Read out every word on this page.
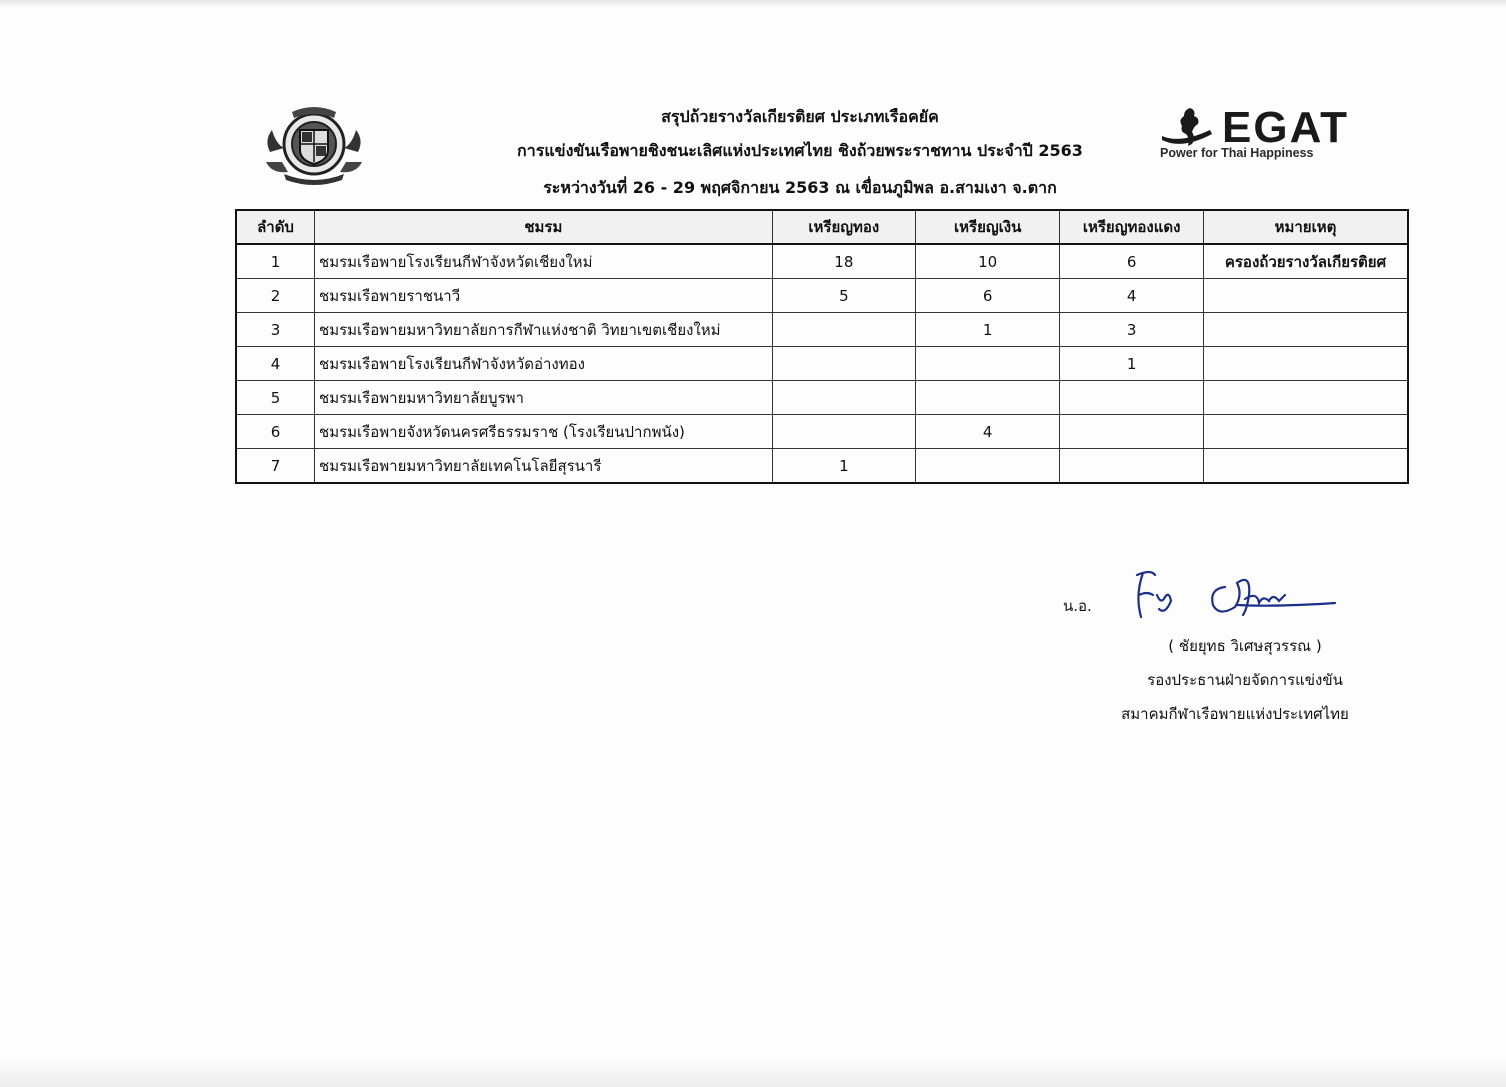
สรุปถ้วยรางวัลเกียรติยศ ประเภทเรือคยัค
การแข่งขันเรือพายชิงชนะเลิศแห่งประเทศไทย ชิงถ้วยพระราชทาน ประจำปี 2563
ระหว่างวันที่ 26 - 29 พฤศจิกายน 2563 ณ เขื่อนภูมิพล อ.สามเงา จ.ตาก
EGAT
Power for Thai Happiness
ลำดับ	ชมรม	เหรียญทอง	เหรียญเงิน	เหรียญทองแดง	หมายเหตุ
1	ชมรมเรือพายโรงเรียนกีฬาจังหวัดเชียงใหม่	18	10	6	ครองถ้วยรางวัลเกียรติยศ
2	ชมรมเรือพายราชนาวี	5	6	4	
3	ชมรมเรือพายมหาวิทยาลัยการกีฬาแห่งชาติ วิทยาเขตเชียงใหม่		1	3	
4	ชมรมเรือพายโรงเรียนกีฬาจังหวัดอ่างทอง			1	
5	ชมรมเรือพายมหาวิทยาลัยบูรพา				
6	ชมรมเรือพายจังหวัดนครศรีธรรมราช (โรงเรียนปากพนัง)		4		
7	ชมรมเรือพายมหาวิทยาลัยเทคโนโลยีสุรนารี	1			
น.อ.
( ชัยยุทธ วิเศษสุวรรณ )
รองประธานฝ่ายจัดการแข่งขัน
สมาคมกีฬาเรือพายแห่งประเทศไทย
